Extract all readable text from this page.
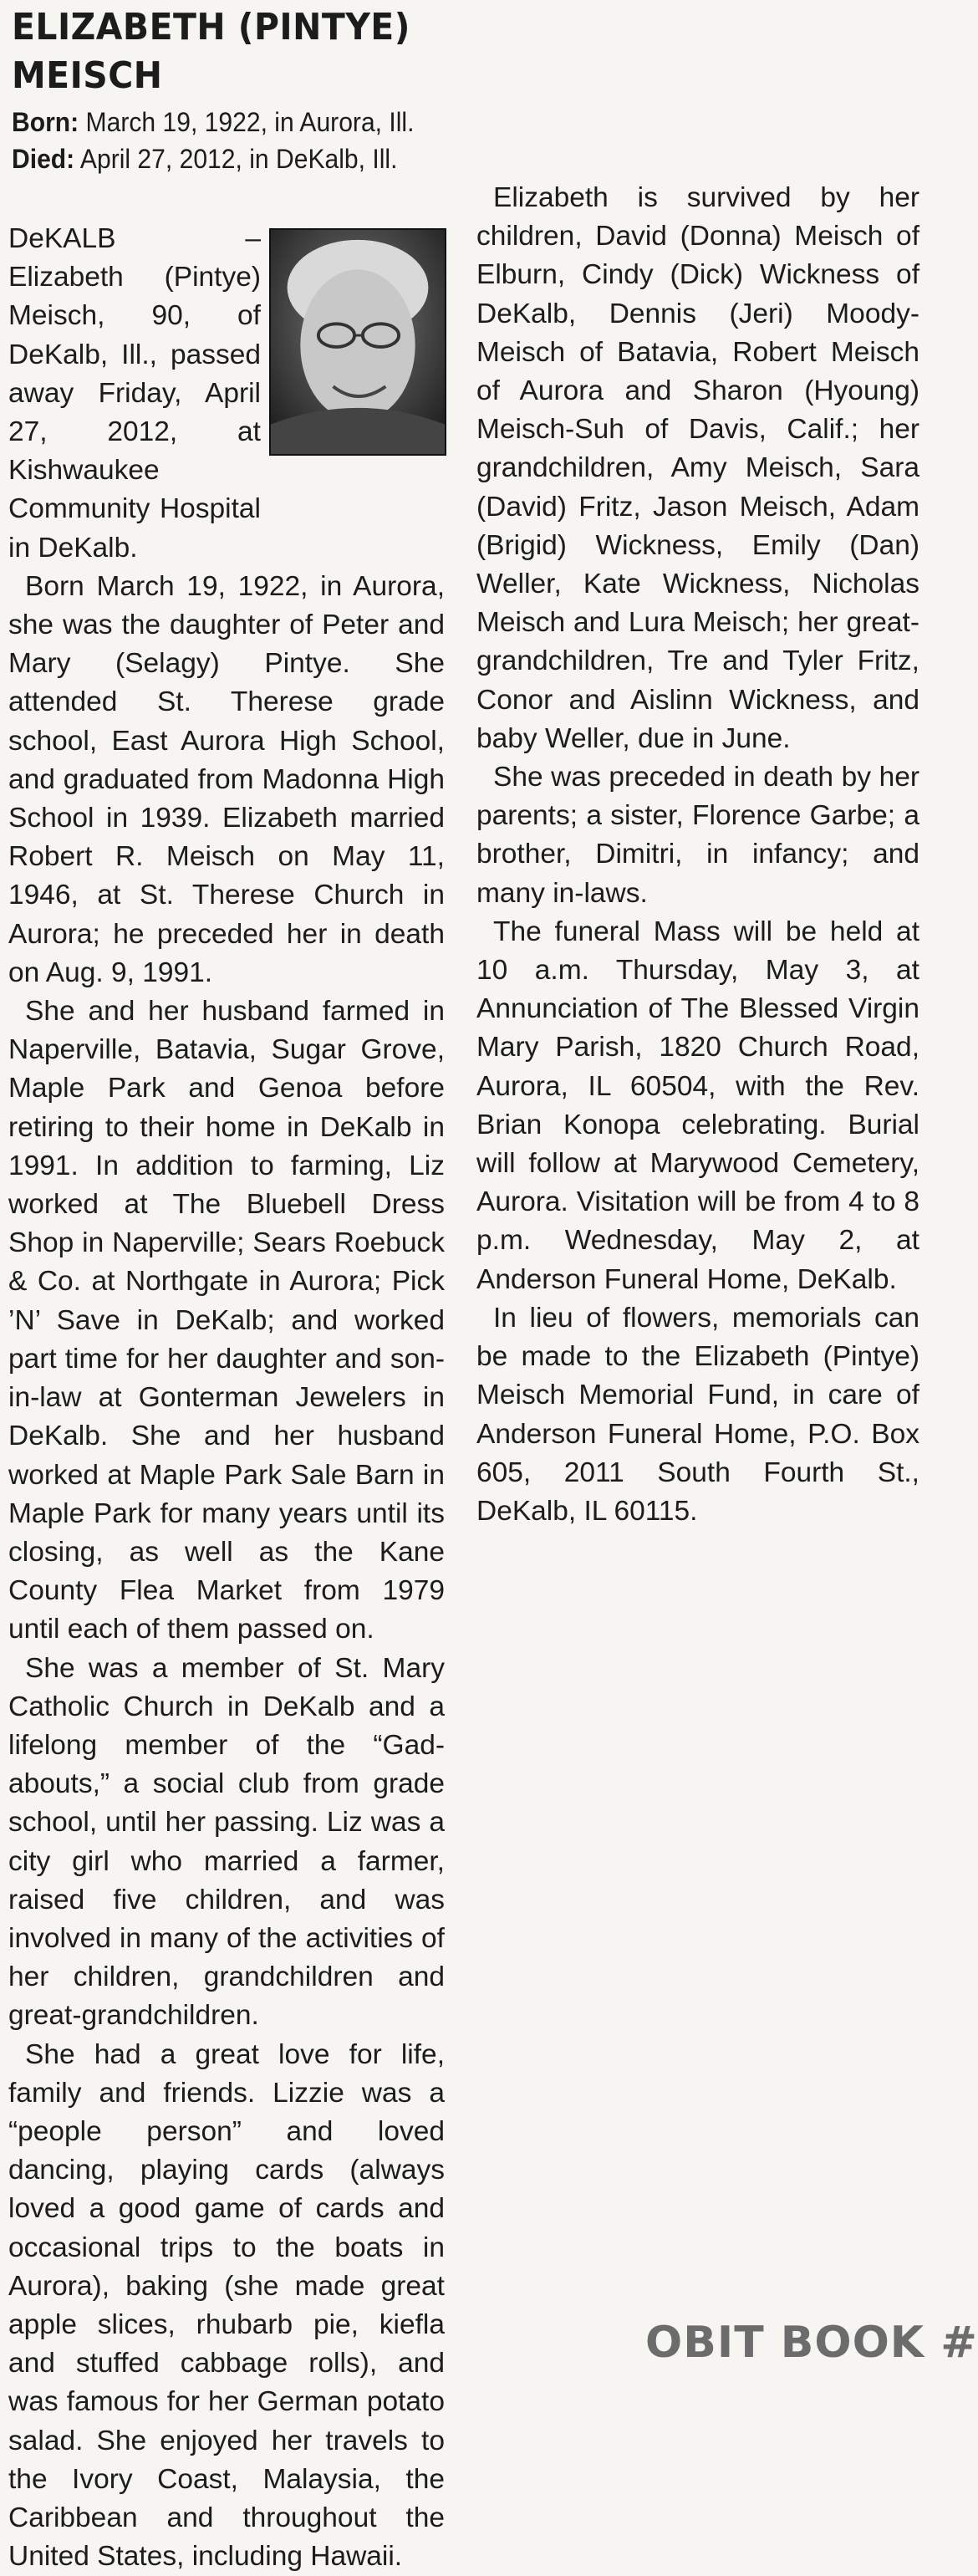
ELIZABETH (PINTYE)
MEISCH
Born: March 19, 1922, in Aurora, Ill.
Died: April 27, 2012, in DeKalb, Ill.

DeKALB – Elizabeth (Pintye) Meisch, 90, of DeKalb, Ill., passed away Friday, April 27, 2012, at Kishwaukee Community Hospital in DeKalb.

Born March 19, 1922, in Aurora, she was the daughter of Peter and Mary (Selagy) Pintye. She attended St. Therese grade school, East Aurora High School, and graduated from Madonna High School in 1939. Elizabeth married Robert R. Meisch on May 11, 1946, at St. Therese Church in Aurora; he preceded her in death on Aug. 9, 1991.

She and her husband farmed in Naperville, Batavia, Sugar Grove, Maple Park and Genoa before retiring to their home in DeKalb in 1991. In addition to farming, Liz worked at The Bluebell Dress Shop in Naperville; Sears Roebuck & Co. at Northgate in Aurora; Pick ’N’ Save in DeKalb; and worked part time for her daughter and son-in-law at Gonterman Jewelers in DeKalb. She and her husband worked at Maple Park Sale Barn in Maple Park for many years until its closing, as well as the Kane County Flea Market from 1979 until each of them passed on.

She was a member of St. Mary Catholic Church in DeKalb and a lifelong member of the “Gad-abouts,” a social club from grade school, until her passing. Liz was a city girl who married a farmer, raised five children, and was involved in many of the activities of her children, grandchildren and great-grandchildren.

She had a great love for life, family and friends. Lizzie was a “people person” and loved dancing, playing cards (always loved a good game of cards and occasional trips to the boats in Aurora), baking (she made great apple slices, rhubarb pie, kiefla and stuffed cabbage rolls), and was famous for her German potato salad. She enjoyed her travels to the Ivory Coast, Malaysia, the Caribbean and throughout the United States, including Hawaii.

Elizabeth is survived by her children, David (Donna) Meisch of Elburn, Cindy (Dick) Wickness of DeKalb, Dennis (Jeri) Moody-Meisch of Batavia, Robert Meisch of Aurora and Sharon (Hyoung) Meisch-Suh of Davis, Calif.; her grandchildren, Amy Meisch, Sara (David) Fritz, Jason Meisch, Adam (Brigid) Wickness, Emily (Dan) Weller, Kate Wickness, Nicholas Meisch and Lura Meisch; her great-grandchildren, Tre and Tyler Fritz, Conor and Aislinn Wickness, and baby Weller, due in June.

She was preceded in death by her parents; a sister, Florence Garbe; a brother, Dimitri, in infancy; and many in-laws.

The funeral Mass will be held at 10 a.m. Thursday, May 3, at Annunciation of The Blessed Virgin Mary Parish, 1820 Church Road, Aurora, IL 60504, with the Rev. Brian Konopa celebrating. Burial will follow at Marywood Cemetery, Aurora. Visitation will be from 4 to 8 p.m. Wednesday, May 2, at Anderson Funeral Home, DeKalb.

In lieu of flowers, memorials can be made to the Elizabeth (Pintye) Meisch Memorial Fund, in care of Anderson Funeral Home, P.O. Box 605, 2011 South Fourth St., DeKalb, IL 60115.

OBIT BOOK #
